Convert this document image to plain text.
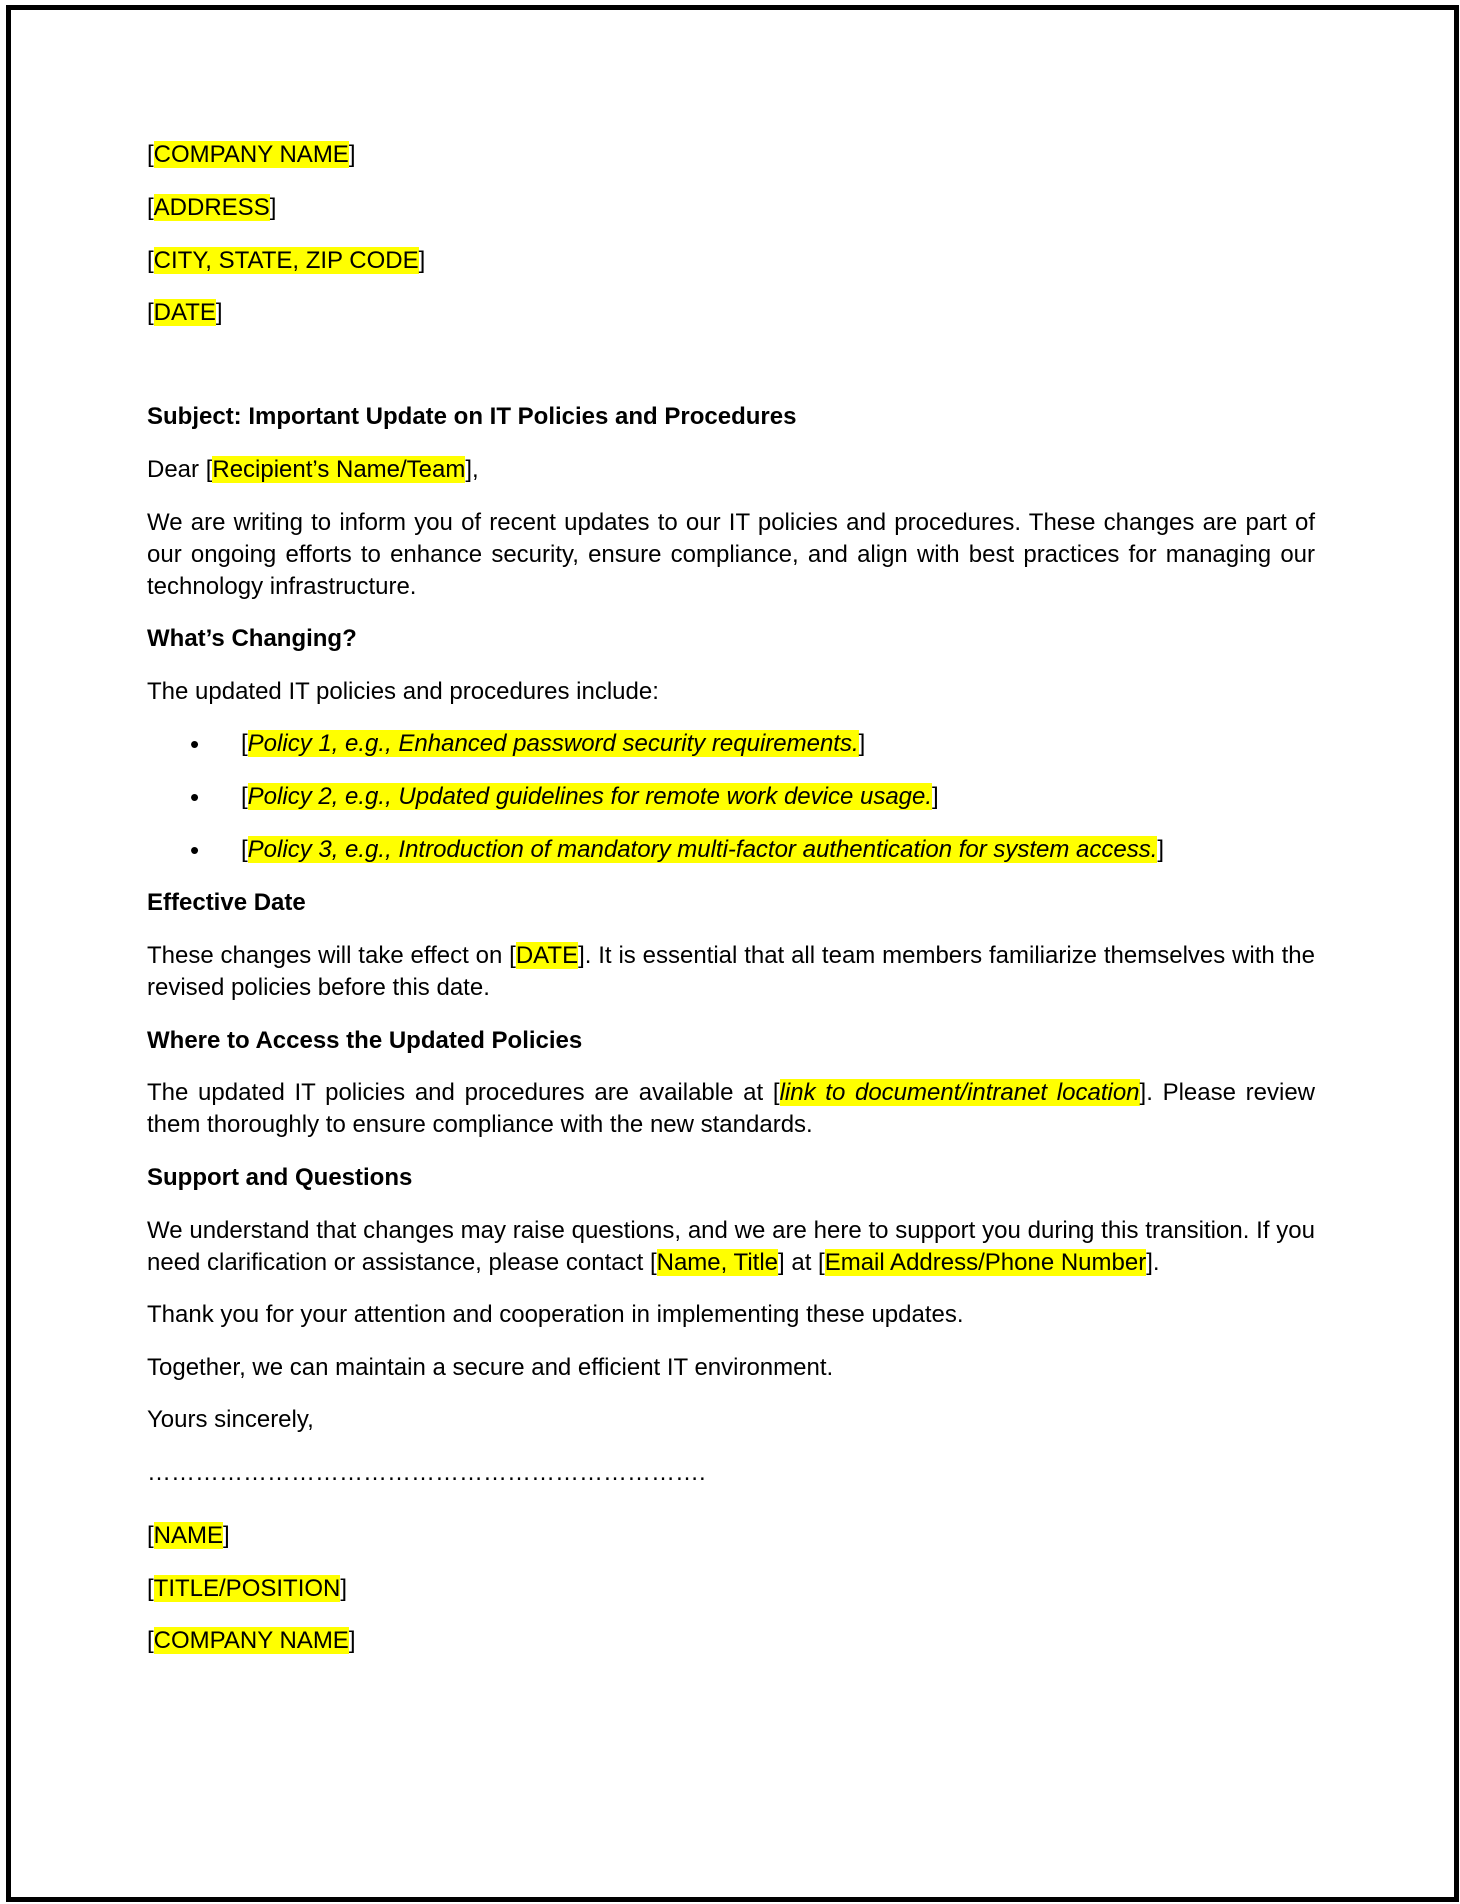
[COMPANY NAME]

[ADDRESS]

[CITY, STATE, ZIP CODE]

[DATE]

Subject: Important Update on IT Policies and Procedures

Dear [Recipient’s Name/Team],

We are writing to inform you of recent updates to our IT policies and procedures. These changes are part of our ongoing efforts to enhance security, ensure compliance, and align with best practices for managing our technology infrastructure.

What’s Changing?

The updated IT policies and procedures include:

• [Policy 1, e.g., Enhanced password security requirements.]
• [Policy 2, e.g., Updated guidelines for remote work device usage.]
• [Policy 3, e.g., Introduction of mandatory multi-factor authentication for system access.]

Effective Date

These changes will take effect on [DATE]. It is essential that all team members familiarize themselves with the revised policies before this date.

Where to Access the Updated Policies

The updated IT policies and procedures are available at [link to document/intranet location]. Please review them thoroughly to ensure compliance with the new standards.

Support and Questions

We understand that changes may raise questions, and we are here to support you during this transition. If you need clarification or assistance, please contact [Name, Title] at [Email Address/Phone Number].

Thank you for your attention and cooperation in implementing these updates.

Together, we can maintain a secure and efficient IT environment.

Yours sincerely,

…………………………………………………………….

[NAME]

[TITLE/POSITION]

[COMPANY NAME]
